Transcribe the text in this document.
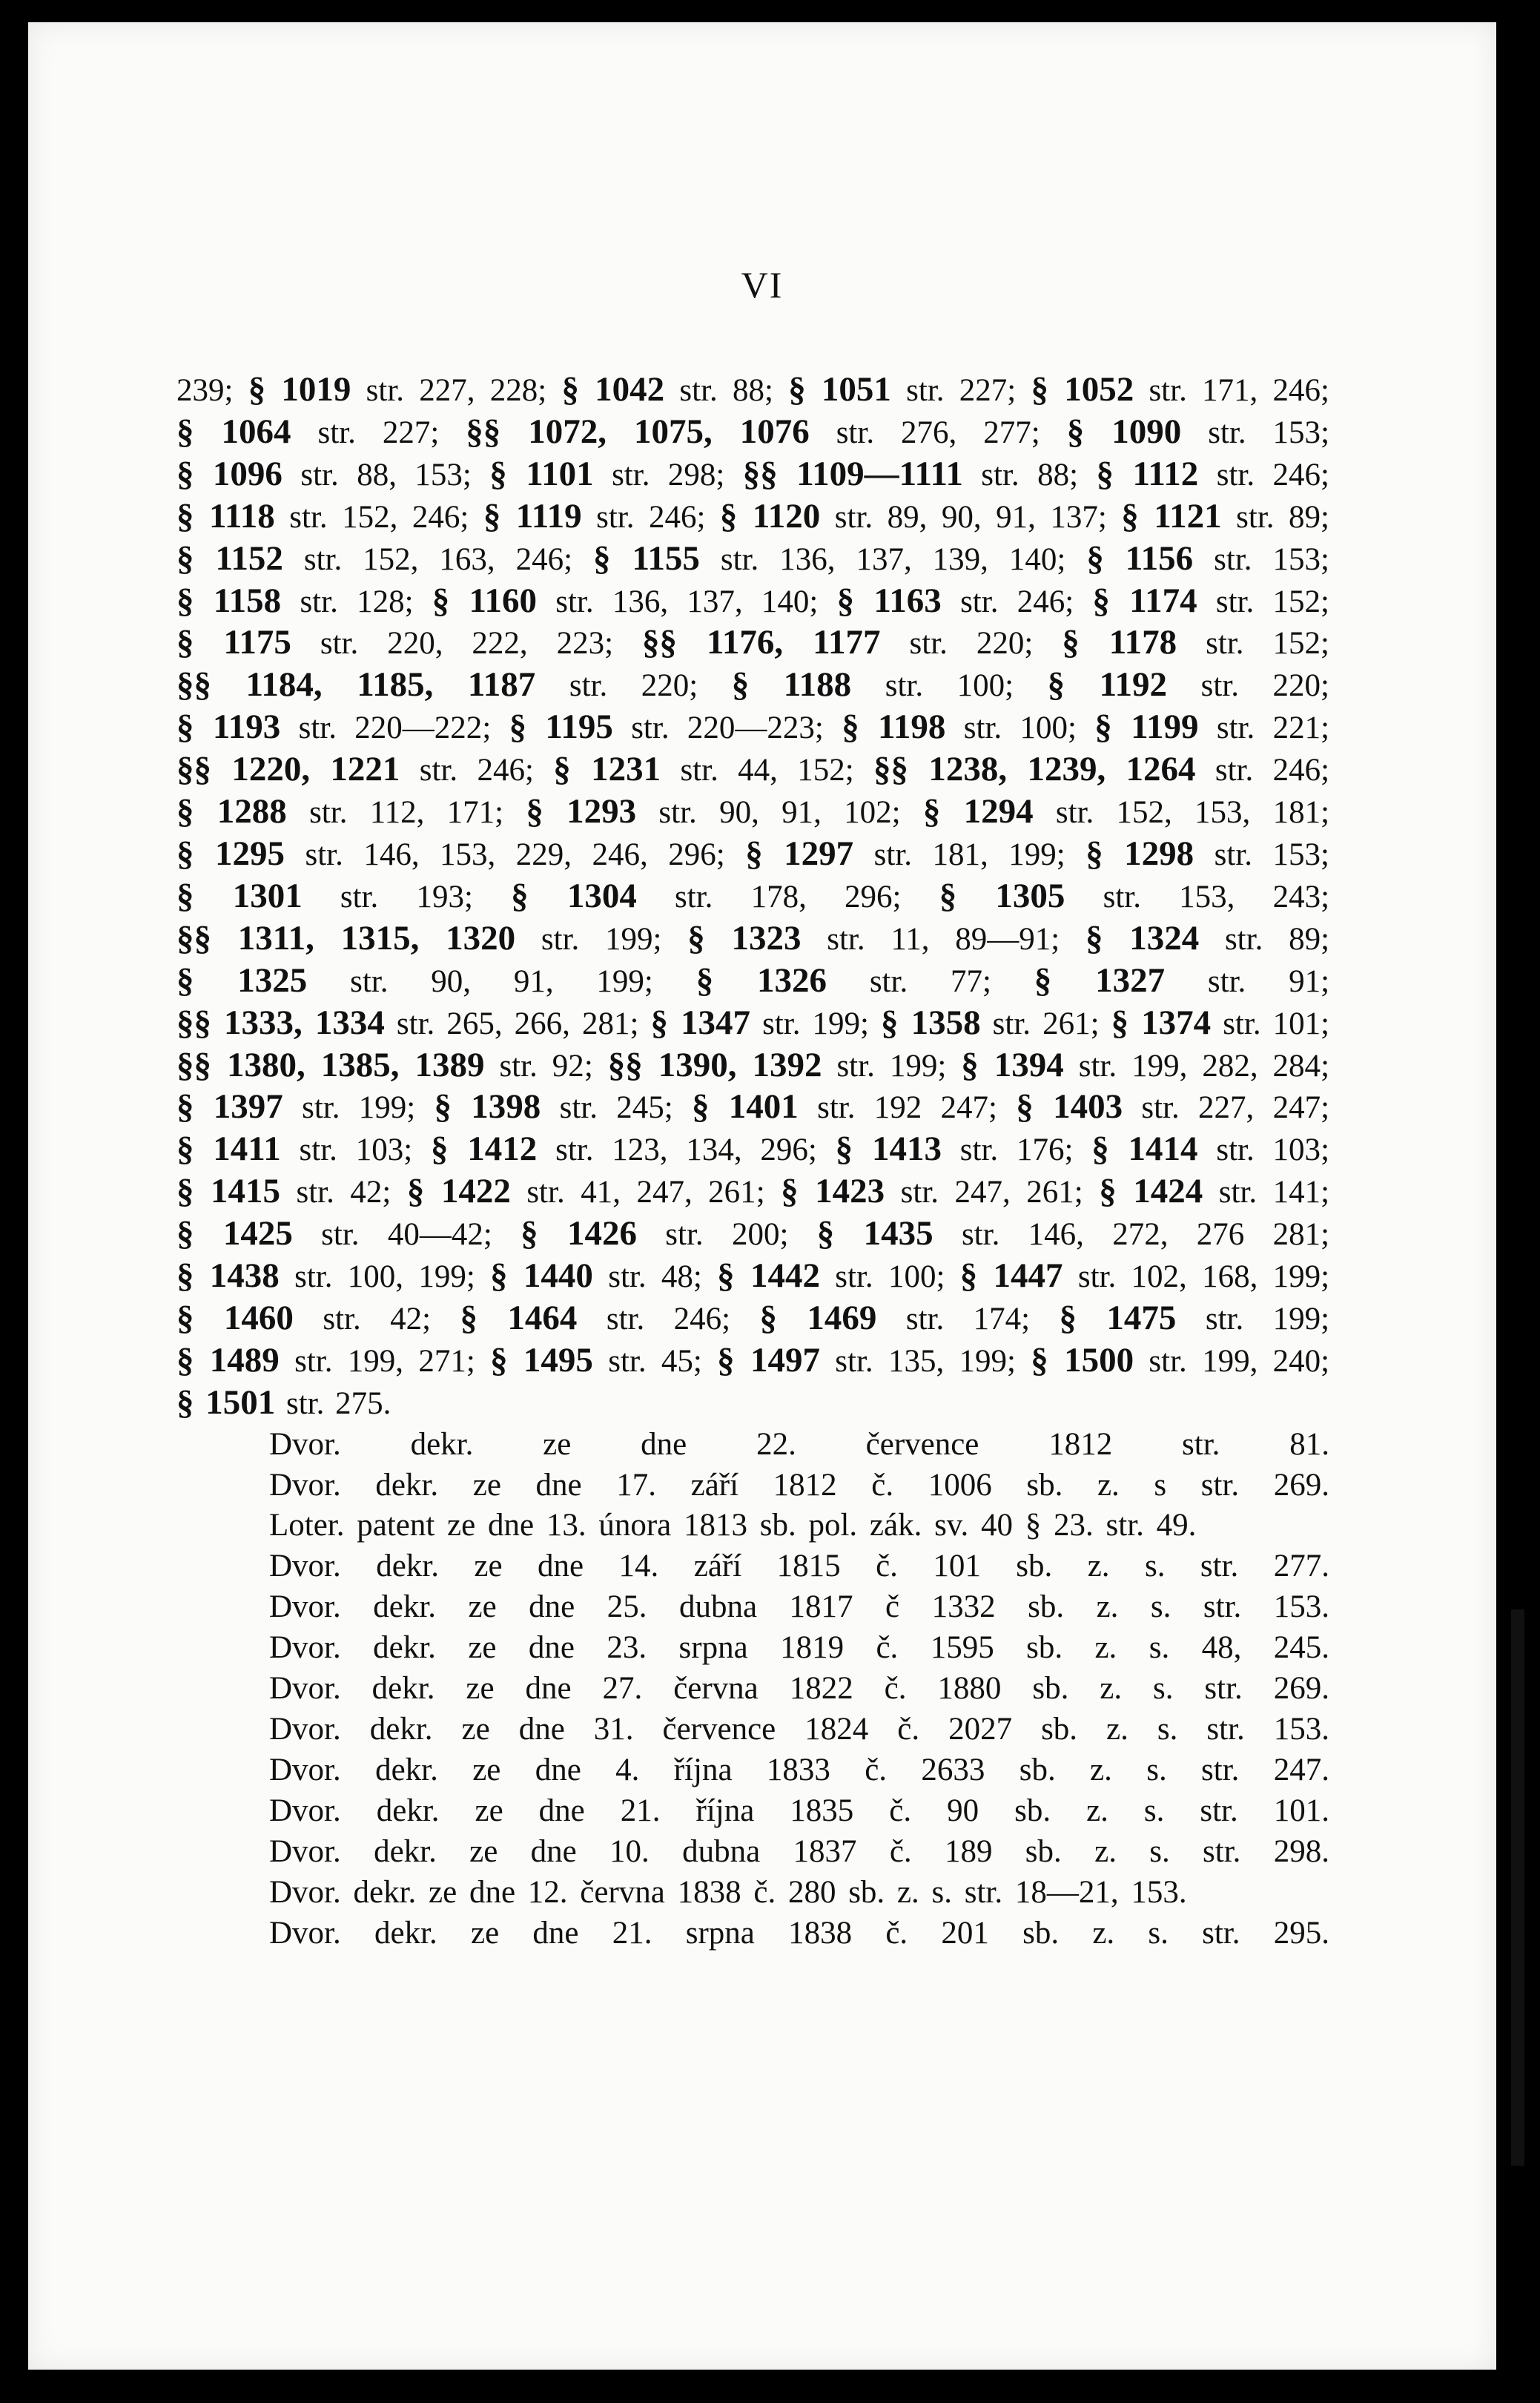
VI

239; § 1019 str. 227, 228; § 1042 str. 88; § 1051 str. 227; § 1052 str. 171, 246; § 1064 str. 227; §§ 1072, 1075, 1076 str. 276, 277; § 1090 str. 153; § 1096 str. 88, 153; § 1101 str. 298; §§ 1109—1111 str. 88; § 1112 str. 246; § 1118 str. 152, 246; § 1119 str. 246; § 1120 str. 89, 90, 91, 137; § 1121 str. 89; § 1152 str. 152, 163, 246; § 1155 str. 136, 137, 139, 140; § 1156 str. 153; § 1158 str. 128; § 1160 str. 136, 137, 140; § 1163 str. 246; § 1174 str. 152; § 1175 str. 220, 222, 223; §§ 1176, 1177 str. 220; § 1178 str. 152; §§ 1184, 1185, 1187 str. 220; § 1188 str. 100; § 1192 str. 220; § 1193 str. 220—222; § 1195 str. 220—223; § 1198 str. 100; § 1199 str. 221; §§ 1220, 1221 str. 246; § 1231 str. 44, 152; §§ 1238, 1239, 1264 str. 246; § 1288 str. 112, 171; § 1293 str. 90, 91, 102; § 1294 str. 152, 153, 181; § 1295 str. 146, 153, 229, 246, 296; § 1297 str. 181, 199; § 1298 str. 153; § 1301 str. 193; § 1304 str. 178, 296; § 1305 str. 153, 243; §§ 1311, 1315, 1320 str. 199; § 1323 str. 11, 89—91; § 1324 str. 89; § 1325 str. 90, 91, 199; § 1326 str. 77; § 1327 str. 91; §§ 1333, 1334 str. 265, 266, 281; § 1347 str. 199; § 1358 str. 261; § 1374 str. 101; §§ 1380, 1385, 1389 str. 92; §§ 1390, 1392 str. 199; § 1394 str. 199, 282, 284; § 1397 str. 199; § 1398 str. 245; § 1401 str. 192 247; § 1403 str. 227, 247; § 1411 str. 103; § 1412 str. 123, 134, 296; § 1413 str. 176; § 1414 str. 103; § 1415 str. 42; § 1422 str. 41, 247, 261; § 1423 str. 247, 261; § 1424 str. 141; § 1425 str. 40—42; § 1426 str. 200; § 1435 str. 146, 272, 276 281; § 1438 str. 100, 199; § 1440 str. 48; § 1442 str. 100; § 1447 str. 102, 168, 199; § 1460 str. 42; § 1464 str. 246; § 1469 str. 174; § 1475 str. 199; § 1489 str. 199, 271; § 1495 str. 45; § 1497 str. 135, 199; § 1500 str. 199, 240; § 1501 str. 275.

Dvor. dekr. ze dne 22. července 1812 str. 81.

Dvor. dekr. ze dne 17. září 1812 č. 1006 sb. z. s str. 269.

Loter. patent ze dne 13. února 1813 sb. pol. zák. sv. 40 § 23. str. 49.

Dvor. dekr. ze dne 14. září 1815 č. 101 sb. z. s. str. 277.

Dvor. dekr. ze dne 25. dubna 1817 č 1332 sb. z. s. str. 153.

Dvor. dekr. ze dne 23. srpna 1819 č. 1595 sb. z. s. 48, 245.

Dvor. dekr. ze dne 27. června 1822 č. 1880 sb. z. s. str. 269.

Dvor. dekr. ze dne 31. července 1824 č. 2027 sb. z. s. str. 153.

Dvor. dekr. ze dne 4. října 1833 č. 2633 sb. z. s. str. 247.

Dvor. dekr. ze dne 21. října 1835 č. 90 sb. z. s. str. 101.

Dvor. dekr. ze dne 10. dubna 1837 č. 189 sb. z. s. str. 298.

Dvor. dekr. ze dne 12. června 1838 č. 280 sb. z. s. str. 18—21, 153.

Dvor. dekr. ze dne 21. srpna 1838 č. 201 sb. z. s. str. 295.
